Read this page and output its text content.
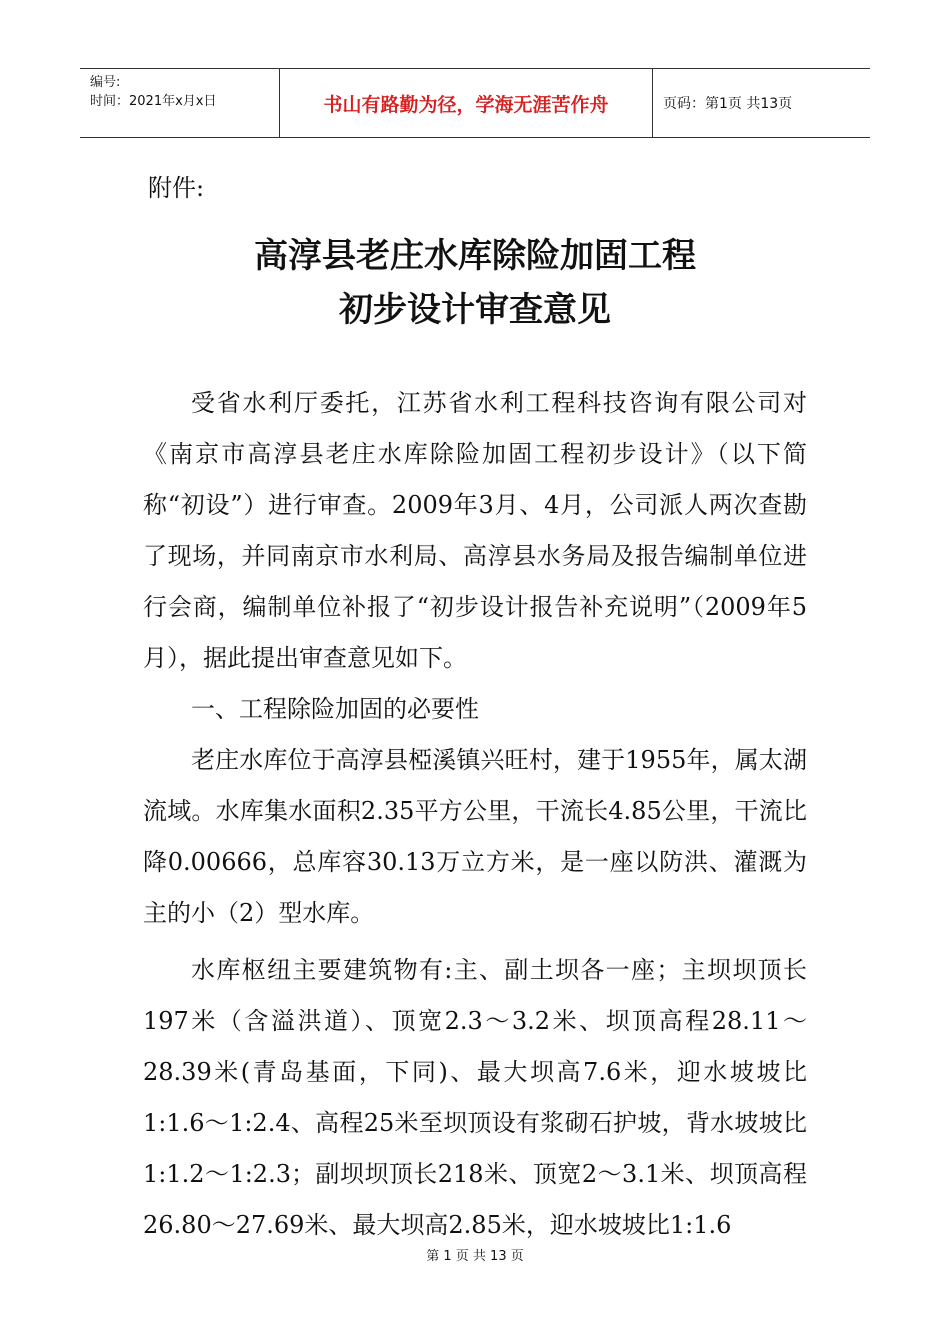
编号:
时间：2021年x月x日	书山有路勤为径，学海无涯苦作舟	页码：第1页 共13页
附件:
高淳县老庄水库除险加固工程
初步设计审查意见

受省水利厅委托，江苏省水利工程科技咨询有限公司对《南京市高淳县老庄水库除险加固工程初步设计》（以下简称“初设”）进行审查。2009年3月、4月，公司派人两次查勘了现场，并同南京市水利局、高淳县水务局及报告编制单位进行会商，编制单位补报了“初步设计报告补充说明”（2009年5月），据此提出审查意见如下。

一、工程除险加固的必要性

老庄水库位于高淳县椏溪镇兴旺村，建于1955年，属太湖流域。水库集水面积2.35平方公里，干流长4.85公里，干流比降0.00666，总库容30.13万立方米，是一座以防洪、灌溉为主的小（2）型水库。

水库枢纽主要建筑物有:主、副土坝各一座；主坝坝顶长197米（含溢洪道）、顶宽2.3～3.2米、坝顶高程28.11～28.39米(青岛基面，下同)、最大坝高7.6米，迎水坡坡比1:1.6～1:2.4、高程25米至坝顶设有浆砌石护坡，背水坡坡比1:1.2～1:2.3；副坝坝顶长218米、顶宽2～3.1米、坝顶高程26.80～27.69米、最大坝高2.85米，迎水坡坡比1:1.6

第 1 页 共 13 页
